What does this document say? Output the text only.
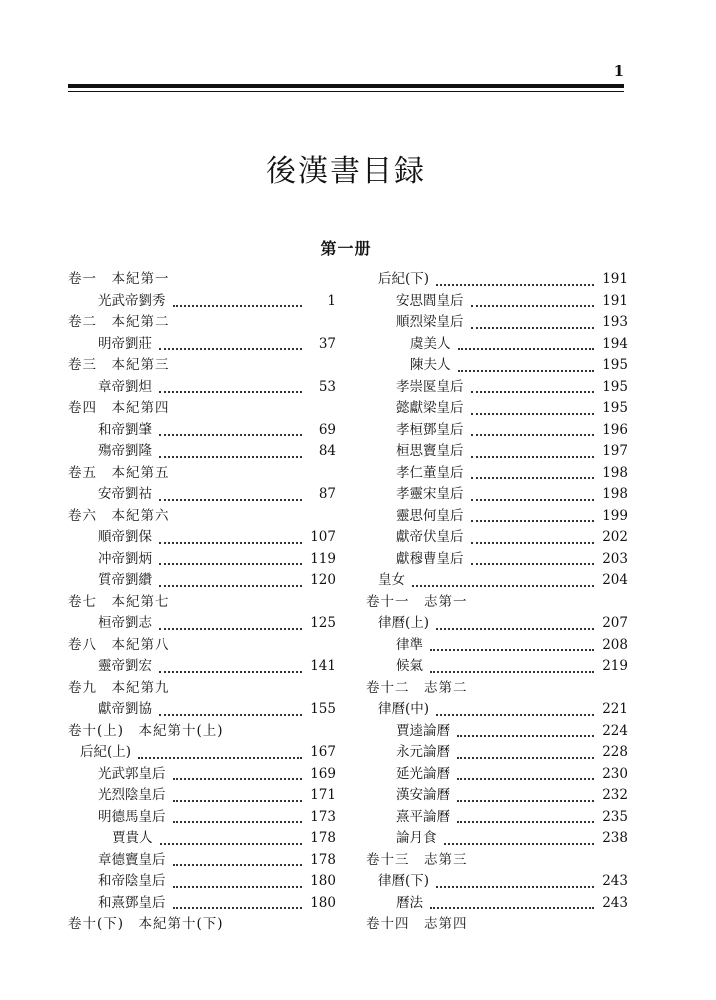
1
後漢書目録
第一册
卷一　本紀第一
光武帝劉秀	1
卷二　本紀第二
明帝劉莊	37
卷三　本紀第三
章帝劉炟	53
卷四　本紀第四
和帝劉肇	69
殤帝劉隆	84
卷五　本紀第五
安帝劉祜	87
卷六　本紀第六
順帝劉保	107
冲帝劉炳	119
質帝劉纘	120
卷七　本紀第七
桓帝劉志	125
卷八　本紀第八
靈帝劉宏	141
卷九　本紀第九
獻帝劉協	155
卷十(上)　本紀第十(上)
后紀(上)	167
光武郭皇后	169
光烈陰皇后	171
明德馬皇后	173
賈貴人	178
章德竇皇后	178
和帝陰皇后	180
和熹鄧皇后	180
卷十(下)　本紀第十(下)
后紀(下)	191
安思閻皇后	191
順烈梁皇后	193
虞美人	194
陳夫人	195
孝崇匽皇后	195
懿獻梁皇后	195
孝桓鄧皇后	196
桓思竇皇后	197
孝仁董皇后	198
孝靈宋皇后	198
靈思何皇后	199
獻帝伏皇后	202
獻穆曹皇后	203
皇女	204
卷十一　志第一
律曆(上)	207
律準	208
候氣	219
卷十二　志第二
律曆(中)	221
賈逵論曆	224
永元論曆	228
延光論曆	230
漢安論曆	232
熹平論曆	235
論月食	238
卷十三　志第三
律曆(下)	243
曆法	243
卷十四　志第四
